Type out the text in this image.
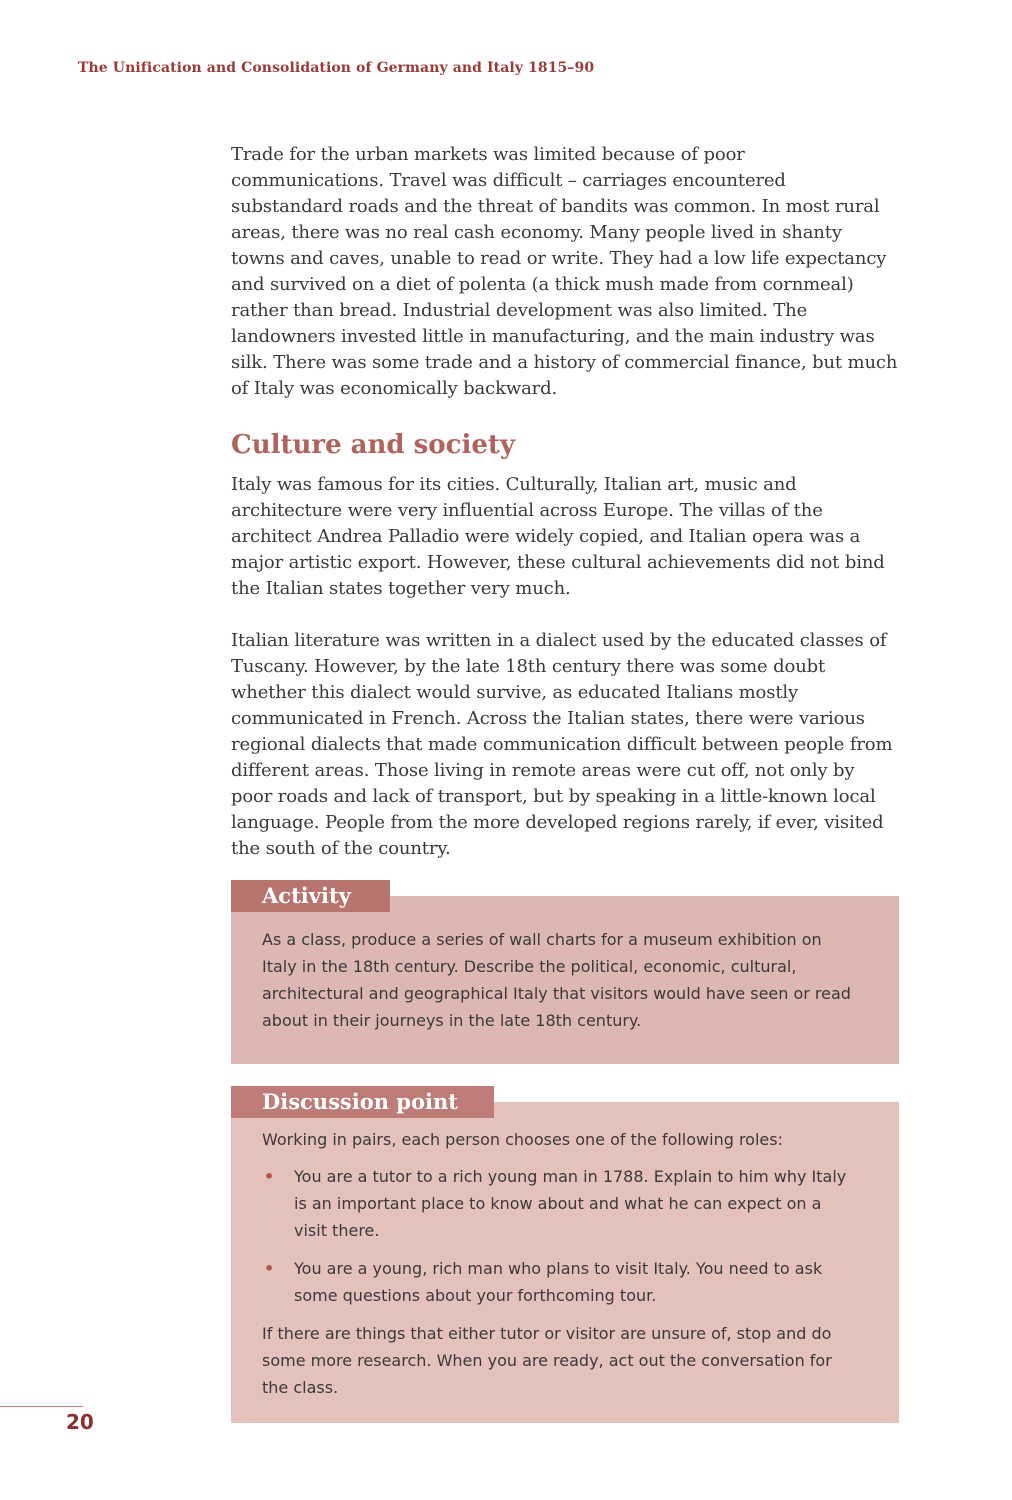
The Unification and Consolidation of Germany and Italy 1815–90

Trade for the urban markets was limited because of poor communications. Travel was difficult – carriages encountered substandard roads and the threat of bandits was common. In most rural areas, there was no real cash economy. Many people lived in shanty towns and caves, unable to read or write. They had a low life expectancy and survived on a diet of polenta (a thick mush made from cornmeal) rather than bread. Industrial development was also limited. The landowners invested little in manufacturing, and the main industry was silk. There was some trade and a history of commercial finance, but much of Italy was economically backward.

Culture and society

Italy was famous for its cities. Culturally, Italian art, music and architecture were very influential across Europe. The villas of the architect Andrea Palladio were widely copied, and Italian opera was a major artistic export. However, these cultural achievements did not bind the Italian states together very much.

Italian literature was written in a dialect used by the educated classes of Tuscany. However, by the late 18th century there was some doubt whether this dialect would survive, as educated Italians mostly communicated in French. Across the Italian states, there were various regional dialects that made communication difficult between people from different areas. Those living in remote areas were cut off, not only by poor roads and lack of transport, but by speaking in a little-known local language. People from the more developed regions rarely, if ever, visited the south of the country.

Activity

As a class, produce a series of wall charts for a museum exhibition on Italy in the 18th century. Describe the political, economic, cultural, architectural and geographical Italy that visitors would have seen or read about in their journeys in the late 18th century.

Discussion point

Working in pairs, each person chooses one of the following roles:

• You are a tutor to a rich young man in 1788. Explain to him why Italy is an important place to know about and what he can expect on a visit there.
• You are a young, rich man who plans to visit Italy. You need to ask some questions about your forthcoming tour.

If there are things that either tutor or visitor are unsure of, stop and do some more research. When you are ready, act out the conversation for the class.

20
